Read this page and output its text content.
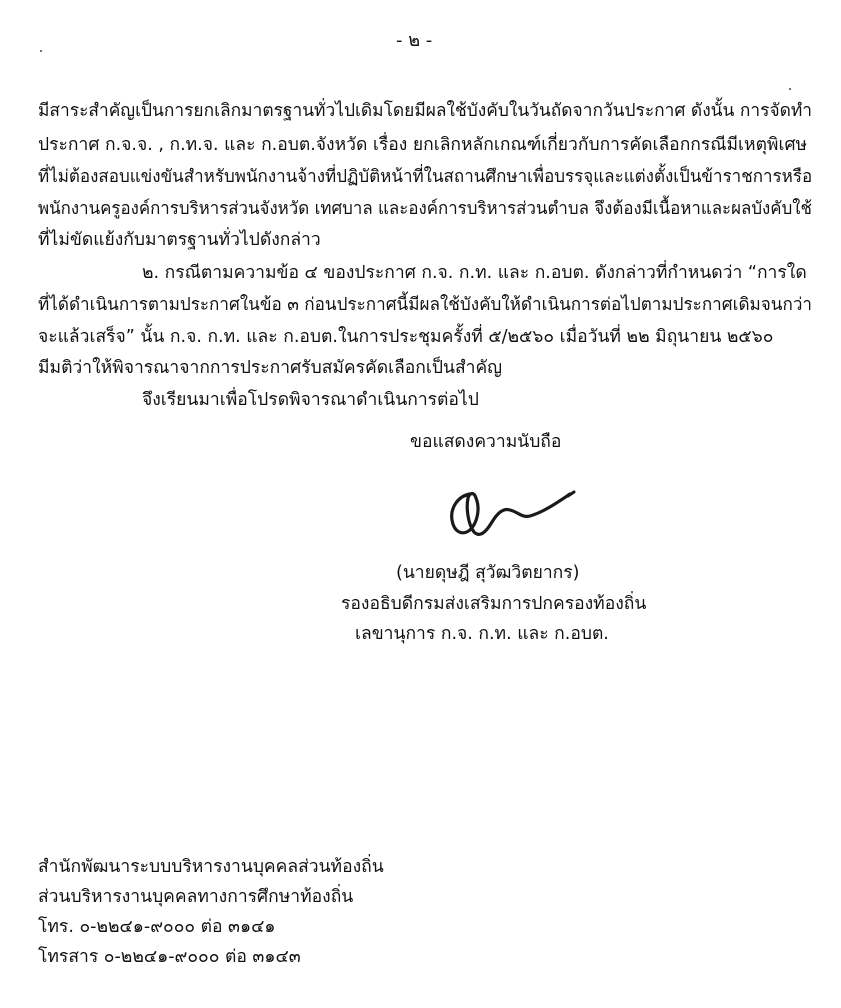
- ๒ -
มีสาระสำคัญเป็นการยกเลิกมาตรฐานทั่วไปเดิมโดยมีผลใช้บังคับในวันถัดจากวันประกาศ ดังนั้น การจัดทำ
ประกาศ ก.จ.จ. , ก.ท.จ. และ ก.อบต.จังหวัด เรื่อง ยกเลิกหลักเกณฑ์เกี่ยวกับการคัดเลือกกรณีมีเหตุพิเศษ
ที่ไม่ต้องสอบแข่งขันสำหรับพนักงานจ้างที่ปฏิบัติหน้าที่ในสถานศึกษาเพื่อบรรจุและแต่งตั้งเป็นข้าราชการหรือ
พนักงานครูองค์การบริหารส่วนจังหวัด เทศบาล และองค์การบริหารส่วนตำบล จึงต้องมีเนื้อหาและผลบังคับใช้
ที่ไม่ขัดแย้งกับมาตรฐานทั่วไปดังกล่าว
๒. กรณีตามความข้อ ๔ ของประกาศ ก.จ. ก.ท. และ ก.อบต. ดังกล่าวที่กำหนดว่า “การใด
ที่ได้ดำเนินการตามประกาศในข้อ ๓ ก่อนประกาศนี้มีผลใช้บังคับให้ดำเนินการต่อไปตามประกาศเดิมจนกว่า
จะแล้วเสร็จ” นั้น ก.จ. ก.ท. และ ก.อบต.ในการประชุมครั้งที่ ๕/๒๕๖๐ เมื่อวันที่ ๒๒ มิถุนายน ๒๕๖๐
มีมติว่าให้พิจารณาจากการประกาศรับสมัครคัดเลือกเป็นสำคัญ
จึงเรียนมาเพื่อโปรดพิจารณาดำเนินการต่อไป
ขอแสดงความนับถือ
(นายดุษฎี สุวัฒวิตยากร)
รองอธิบดีกรมส่งเสริมการปกครองท้องถิ่น
เลขานุการ ก.จ. ก.ท. และ ก.อบต.
สำนักพัฒนาระบบบริหารงานบุคคลส่วนท้องถิ่น
ส่วนบริหารงานบุคคลทางการศึกษาท้องถิ่น
โทร. ๐-๒๒๔๑-๙๐๐๐ ต่อ ๓๑๔๑
โทรสาร ๐-๒๒๔๑-๙๐๐๐ ต่อ ๓๑๔๓
